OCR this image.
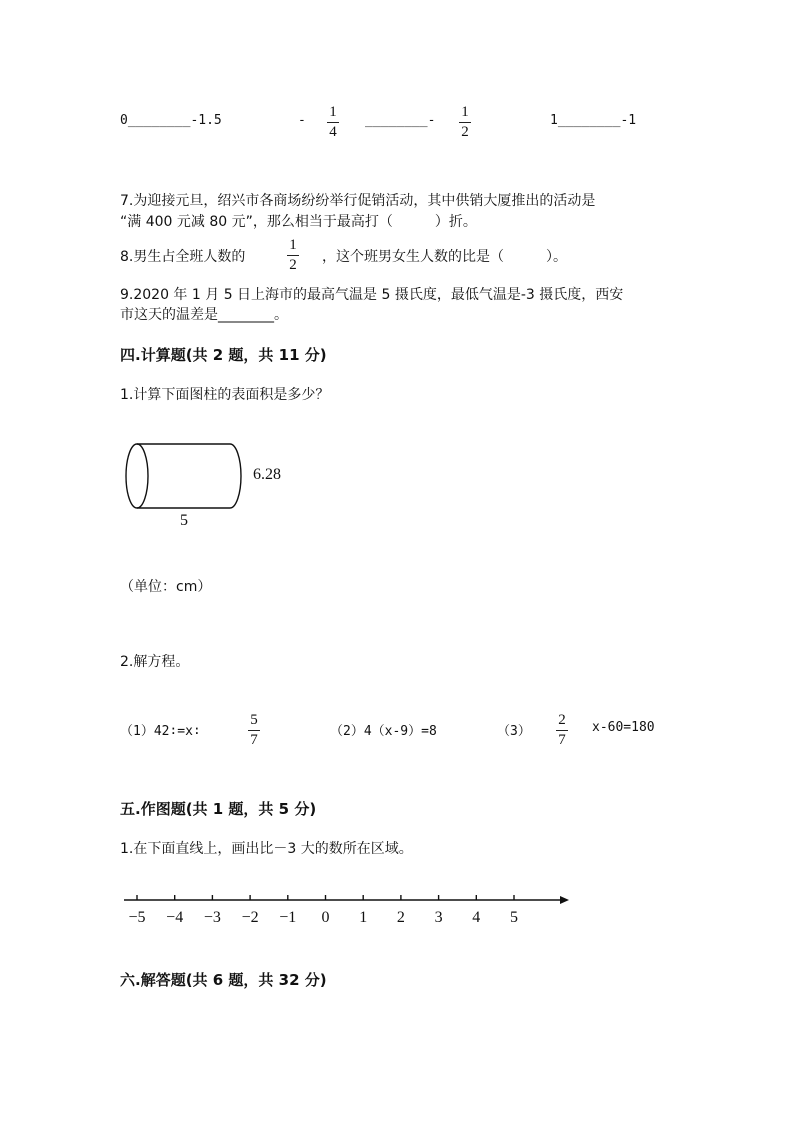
0________-1.5	-
1
4
________-
1
2
1________-1
7.为迎接元旦，绍兴市各商场纷纷举行促销活动，其中供销大厦推出的活动是
“满 400 元减 80 元”，那么相当于最高打（　　　）折。
8.男生占全班人数的
1
2 ，这个班男女生人数的比是（　　　）。
9.2020 年 1 月 5 日上海市的最高气温是 5 摄氏度，最低气温是-3 摄氏度，西安
市这天的温差是________。
四.计算题(共 2 题，共 11 分)
1.计算下面图柱的表面积是多少？
6.28
5
（单位：cm）
2.解方程。
（1）42∶=x∶
5
7
（2）4（x-9）=8	（3）
2
7
x-60=180
五.作图题(共 1 题，共 5 分)
1.在下面直线上，画出比－3 大的数所在区域。
−5 −4 −3 −2 −1 0 1 2 3 4 5
六.解答题(共 6 题，共 32 分)
